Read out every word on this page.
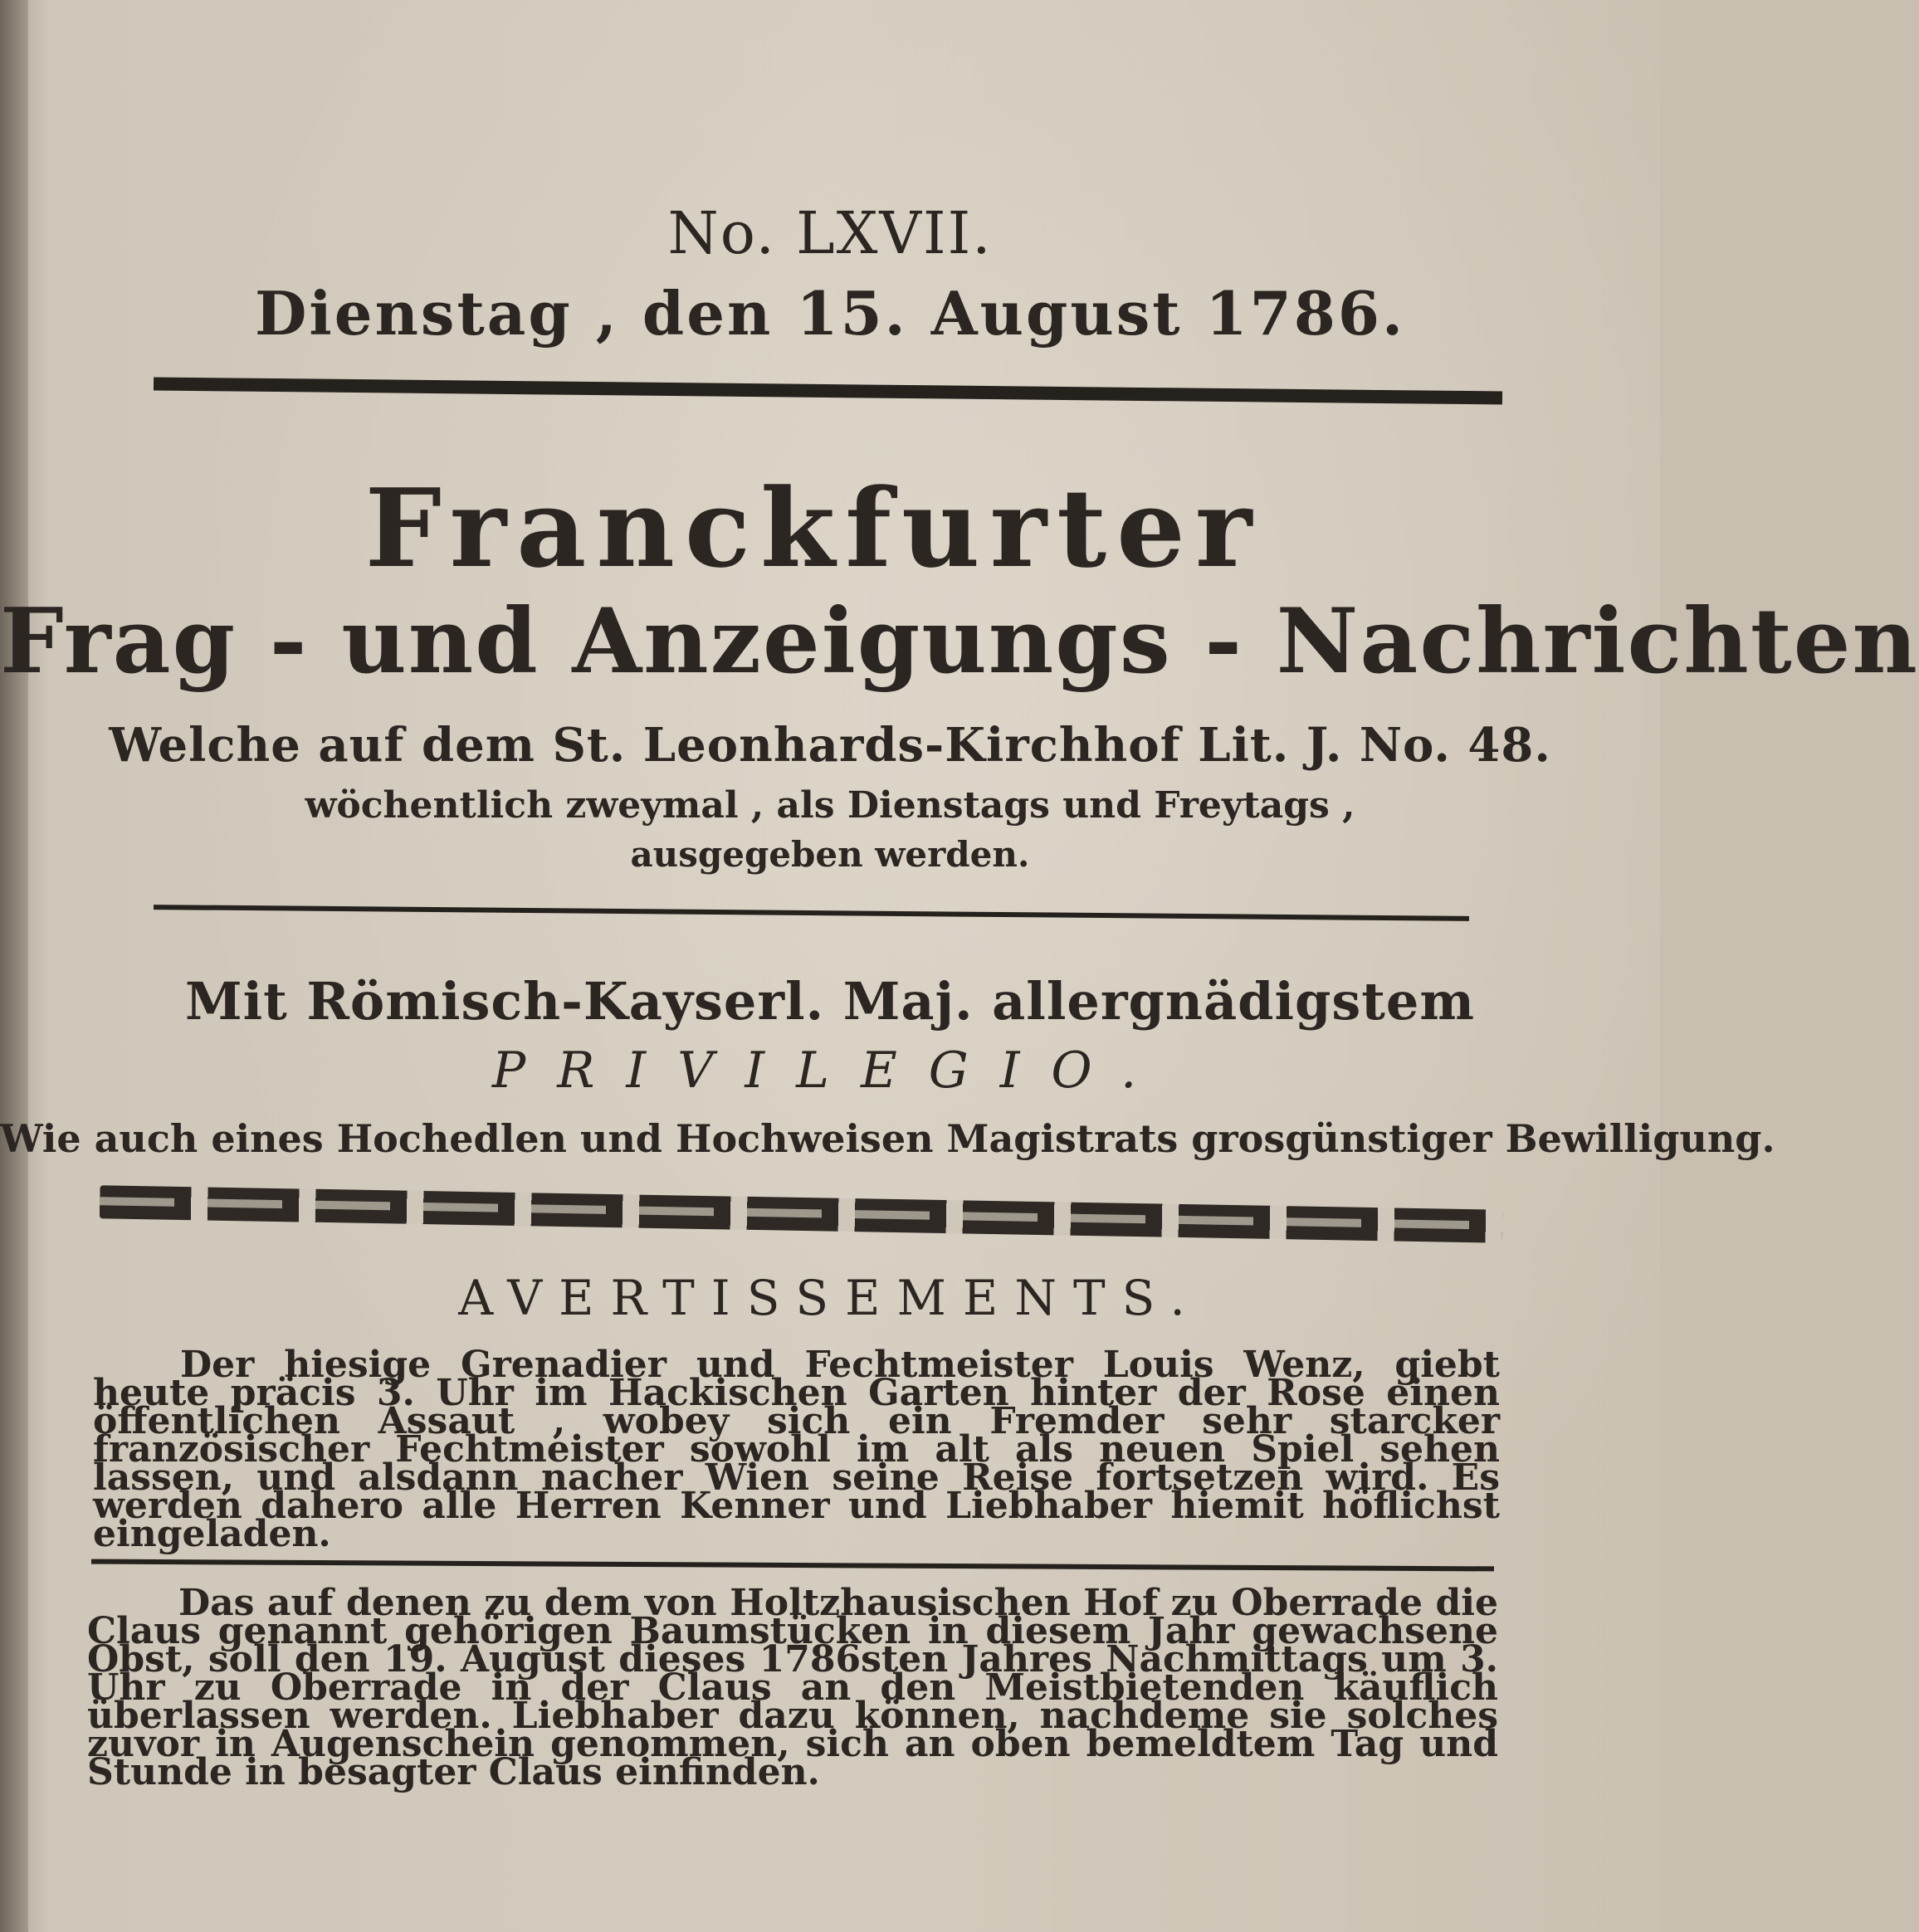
No. LXVII.
Dienstag , den 15. August 1786.
Franckfurter
Frag - und Anzeigungs - Nachrichten
Welche auf dem St. Leonhards-Kirchhof Lit. J. No. 48.
wöchentlich zweymal , als Dienstags und Freytags ,
ausgegeben werden.
Mit Römisch-Kayserl. Maj. allergnädigstem
PRIVILEGIO.
Wie auch eines Hochedlen und Hochweisen Magistrats grosgünstiger Bewilligung.
AVERTISSEMENTS.
Der hiesige Grenadier und Fechtmeister Louis Wenz, giebt heute präcis 3. Uhr im Hackischen Garten hinter der Rose einen öffentlichen Assaut , wobey sich ein Fremder sehr starcker französischer Fechtmeister sowohl im alt als neuen Spiel sehen lassen, und alsdann nacher Wien seine Reise fortsetzen wird. Es werden dahero alle Herren Kenner und Liebhaber hiemit höflichst eingeladen.
Das auf denen zu dem von Holtzhausischen Hof zu Oberrade die Claus genannt gehörigen Baumstücken in diesem Jahr gewachsene Obst, soll den 19. August dieses 1786sten Jahres Nachmittags um 3. Uhr zu Oberrade in der Claus an den Meistbietenden käuflich überlassen werden. Liebhaber dazu können, nachdeme sie solches zuvor in Augenschein genommen, sich an oben bemeldtem Tag und Stunde in besagter Claus einfinden.
